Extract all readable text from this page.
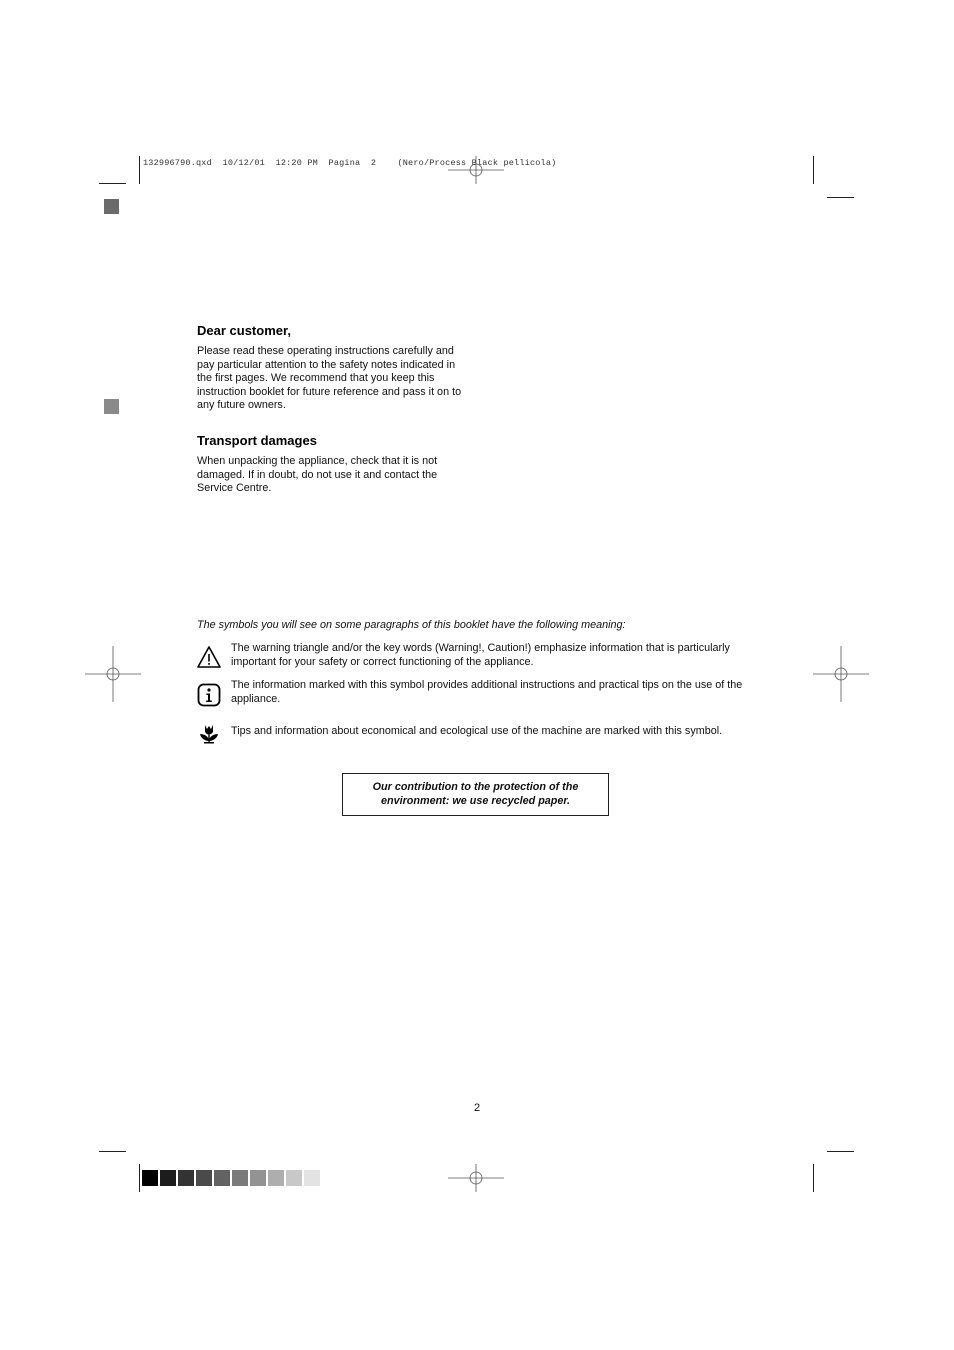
132996790.qxd  10/12/01  12:20 PM  Pagina  2    (Nero/Process Black pellicola)
Dear customer,

Please read these operating instructions carefully and pay particular attention to the safety notes indicated in the first pages. We recommend that you keep this instruction booklet for future reference and pass it on to any future owners.

Transport damages

When unpacking the appliance, check that it is not damaged. If in doubt, do not use it and contact the Service Centre.

The symbols you will see on some paragraphs of this booklet have the following meaning:

The warning triangle and/or the key words (Warning!, Caution!) emphasize information that is particularly important for your safety or correct functioning of the appliance.

The information marked with this symbol provides additional instructions and practical tips on the use of the appliance.

Tips and information about economical and ecological use of the machine are marked with this symbol.

Our contribution to the protection of the environment: we use recycled paper.

2
